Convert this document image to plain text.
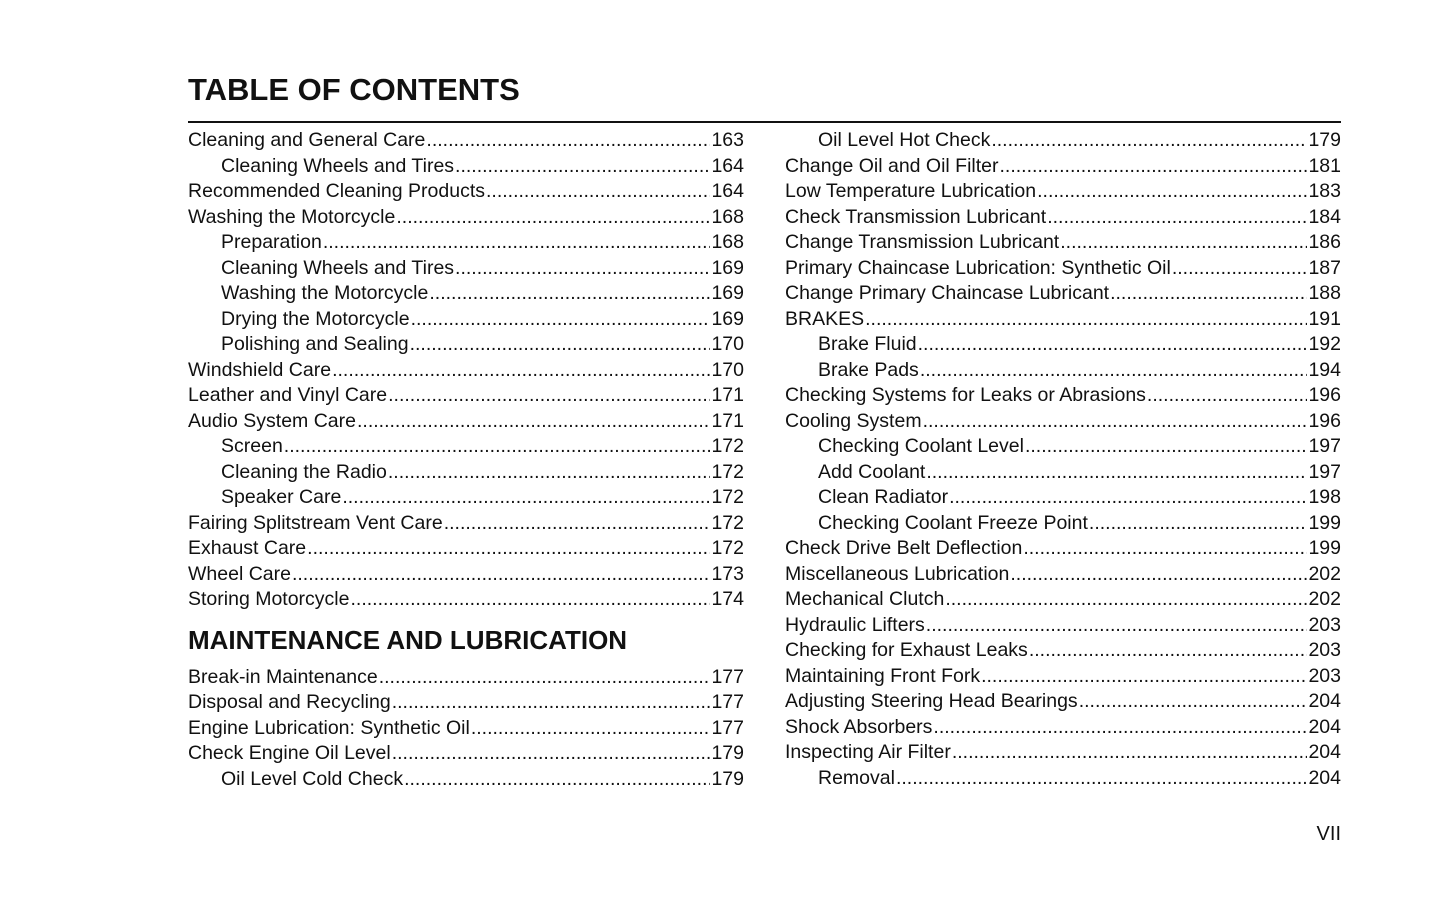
TABLE OF CONTENTS
Cleaning and General Care .....	163
Cleaning Wheels and Tires .....	164
Recommended Cleaning Products .....	164
Washing the Motorcycle .....	168
Preparation .....	168
Cleaning Wheels and Tires .....	169
Washing the Motorcycle .....	169
Drying the Motorcycle .....	169
Polishing and Sealing .....	170
Windshield Care .....	170
Leather and Vinyl Care .....	171
Audio System Care .....	171
Screen .....	172
Cleaning the Radio .....	172
Speaker Care .....	172
Fairing Splitstream Vent Care .....	172
Exhaust Care .....	172
Wheel Care .....	173
Storing Motorcycle .....	174
MAINTENANCE AND LUBRICATION
Break-in Maintenance .....	177
Disposal and Recycling .....	177
Engine Lubrication: Synthetic Oil .....	177
Check Engine Oil Level .....	179
Oil Level Cold Check .....	179
Oil Level Hot Check .....	179
Change Oil and Oil Filter .....	181
Low Temperature Lubrication .....	183
Check Transmission Lubricant .....	184
Change Transmission Lubricant .....	186
Primary Chaincase Lubrication: Synthetic Oil .....	187
Change Primary Chaincase Lubricant .....	188
BRAKES .....	191
Brake Fluid .....	192
Brake Pads .....	194
Checking Systems for Leaks or Abrasions .....	196
Cooling System .....	196
Checking Coolant Level .....	197
Add Coolant .....	197
Clean Radiator .....	198
Checking Coolant Freeze Point .....	199
Check Drive Belt Deflection .....	199
Miscellaneous Lubrication .....	202
Mechanical Clutch .....	202
Hydraulic Lifters .....	203
Checking for Exhaust Leaks .....	203
Maintaining Front Fork .....	203
Adjusting Steering Head Bearings .....	204
Shock Absorbers .....	204
Inspecting Air Filter .....	204
Removal .....	204
VII
